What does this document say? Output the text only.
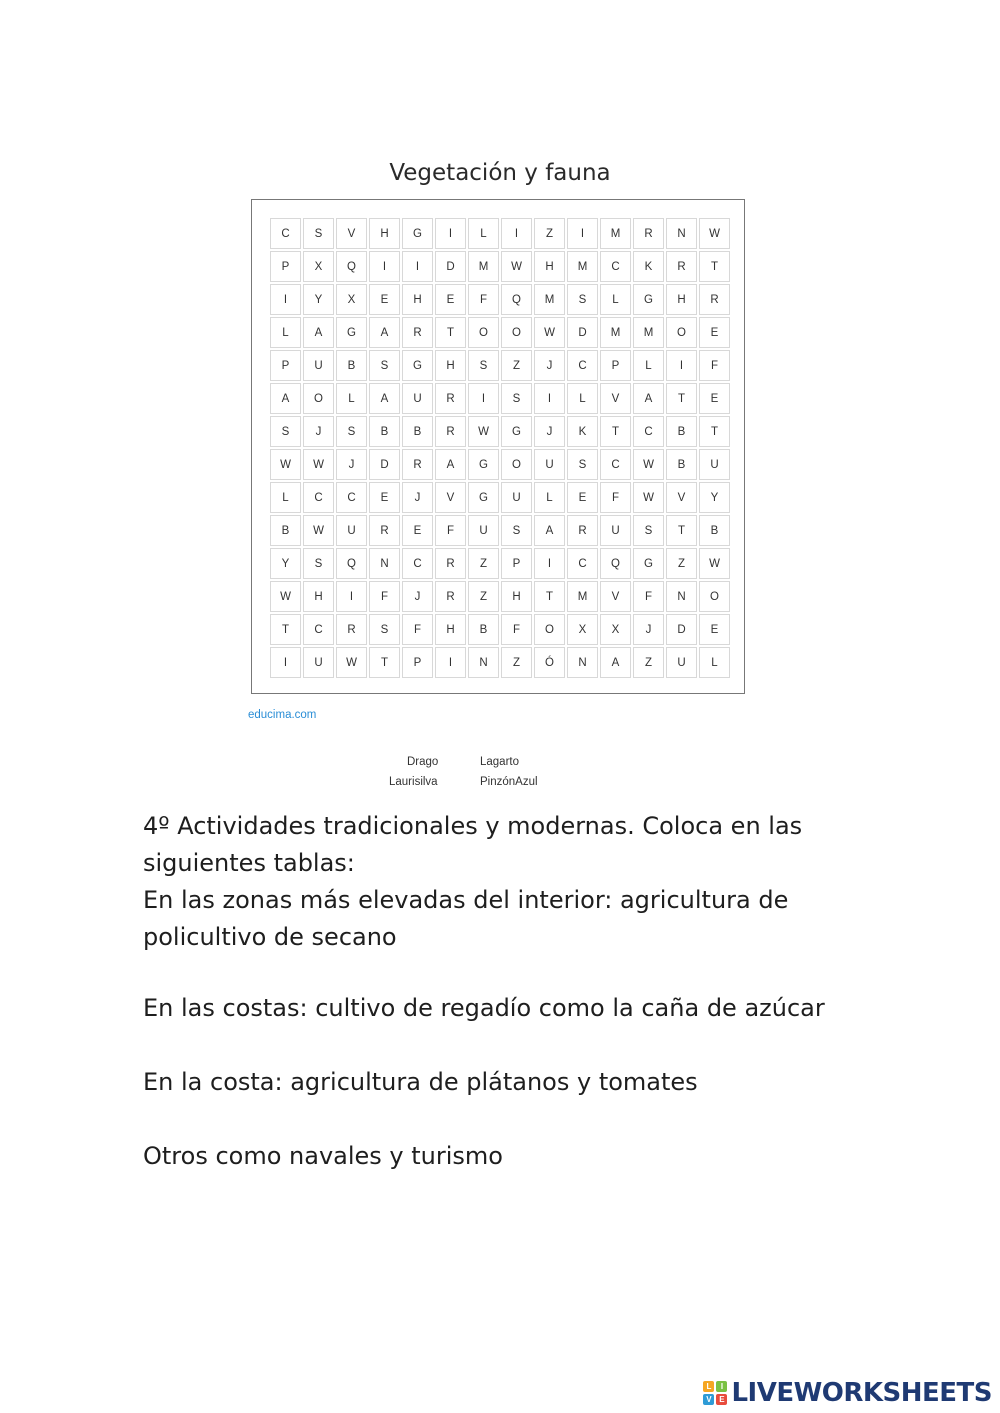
Vegetación y fauna
C	S	V	H	G	I	L	I	Z	I	M	R	N	W
P	X	Q	I	I	D	M	W	H	M	C	K	R	T
I	Y	X	E	H	E	F	Q	M	S	L	G	H	R
L	A	G	A	R	T	O	O	W	D	M	M	O	E
P	U	B	S	G	H	S	Z	J	C	P	L	I	F
A	O	L	A	U	R	I	S	I	L	V	A	T	E
S	J	S	B	B	R	W	G	J	K	T	C	B	T
W	W	J	D	R	A	G	O	U	S	C	W	B	U
L	C	C	E	J	V	G	U	L	E	F	W	V	Y
B	W	U	R	E	F	U	S	A	R	U	S	T	B
Y	S	Q	N	C	R	Z	P	I	C	Q	G	Z	W
W	H	I	F	J	R	Z	H	T	M	V	F	N	O
T	C	R	S	F	H	B	F	O	X	X	J	D	E
I	U	W	T	P	I	N	Z	Ó	N	A	Z	U	L
educima.com
Drago	Lagarto
Laurisilva	PinzónAzul

4º Actividades tradicionales y modernas. Coloca en las siguientes tablas:

En las zonas más elevadas del interior: agricultura de policultivo de secano

En las costas: cultivo de regadío como la caña de azúcar
En la costa: agricultura de plátanos y tomates
Otros como navales y turismo
L	I
V E LIVEWORKSHEETS
